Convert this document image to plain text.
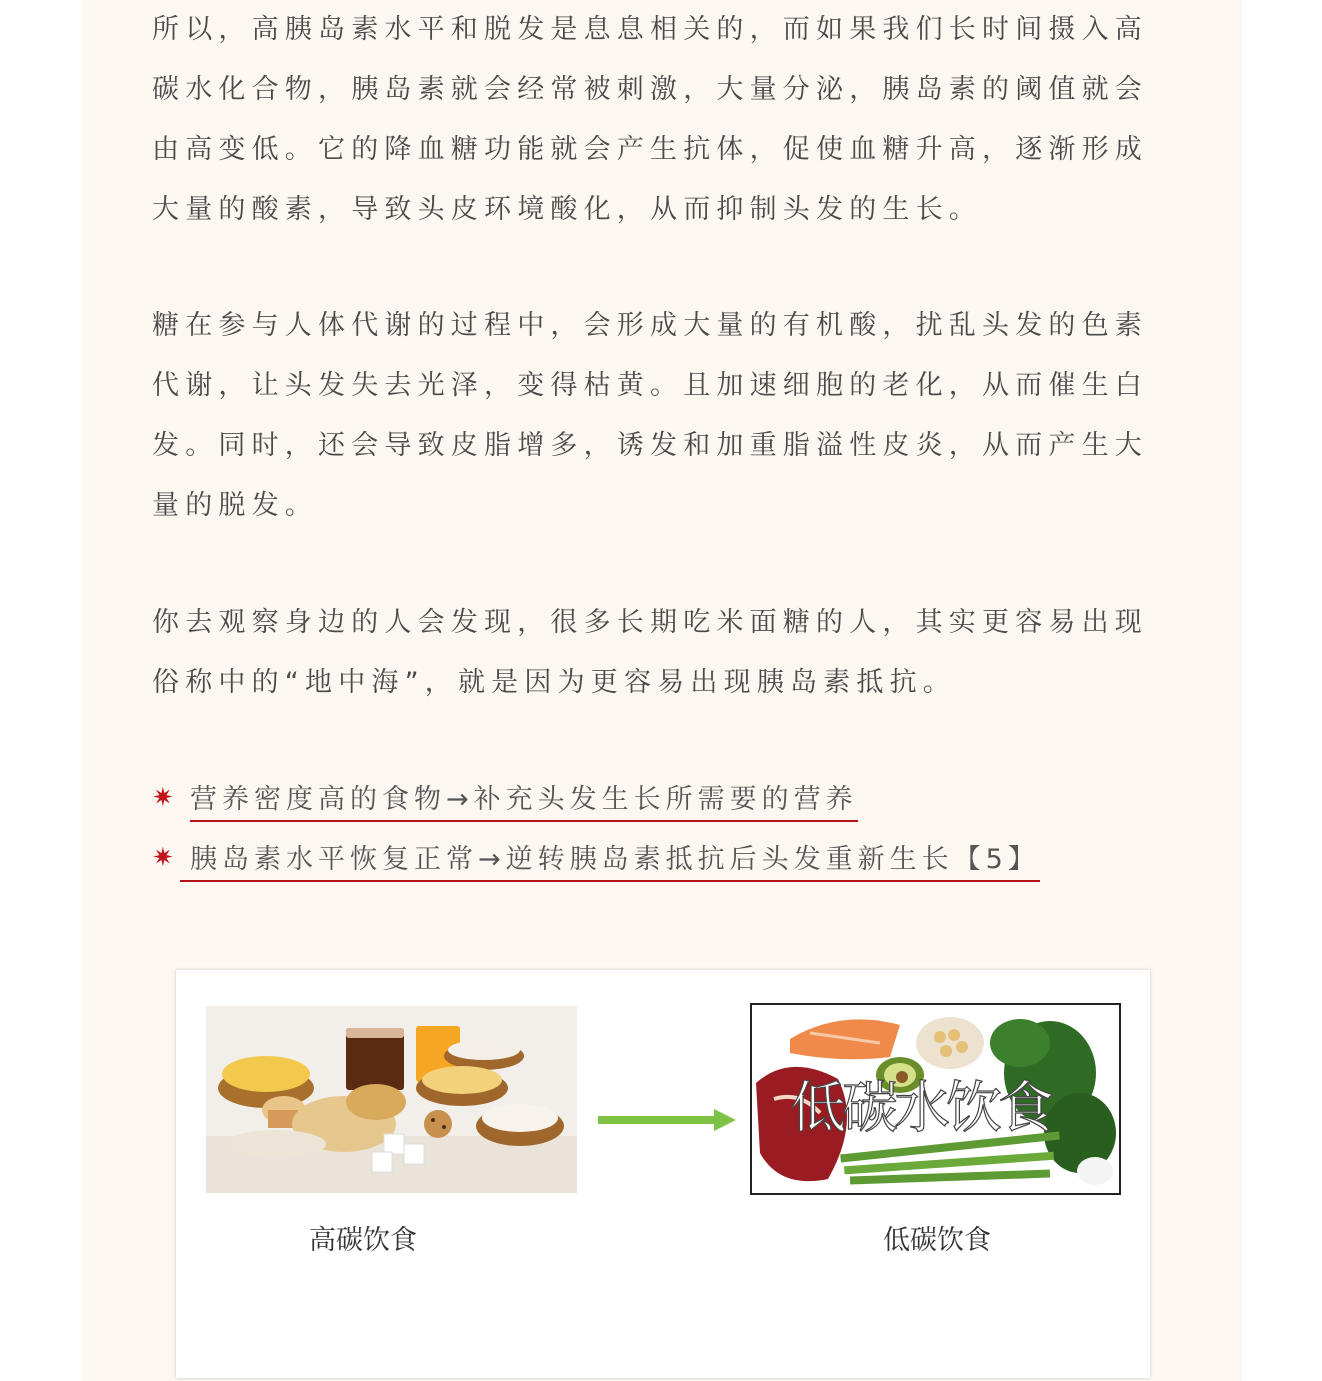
所以，高胰岛素水平和脱发是息息相关的，而如果我们长时间摄入高碳水化合物，胰岛素就会经常被刺激，大量分泌，胰岛素的阈值就会由高变低。它的降血糖功能就会产生抗体，促使血糖升高，逐渐形成大量的酸素，导致头皮环境酸化，从而抑制头发的生长。

糖在参与人体代谢的过程中，会形成大量的有机酸，扰乱头发的色素代谢，让头发失去光泽，变得枯黄。且加速细胞的老化，从而催生白发。同时，还会导致皮脂增多，诱发和加重脂溢性皮炎，从而产生大量的脱发。

你去观察身边的人会发现，很多长期吃米面糖的人，其实更容易出现俗称中的“地中海”，就是因为更容易出现胰岛素抵抗。

✷ 营养密度高的食物→补充头发生长所需要的营养
✷ 胰岛素水平恢复正常→逆转胰岛素抵抗后头发重新生长【5】
低碳水饮食
高碳饮食	低碳饮食
